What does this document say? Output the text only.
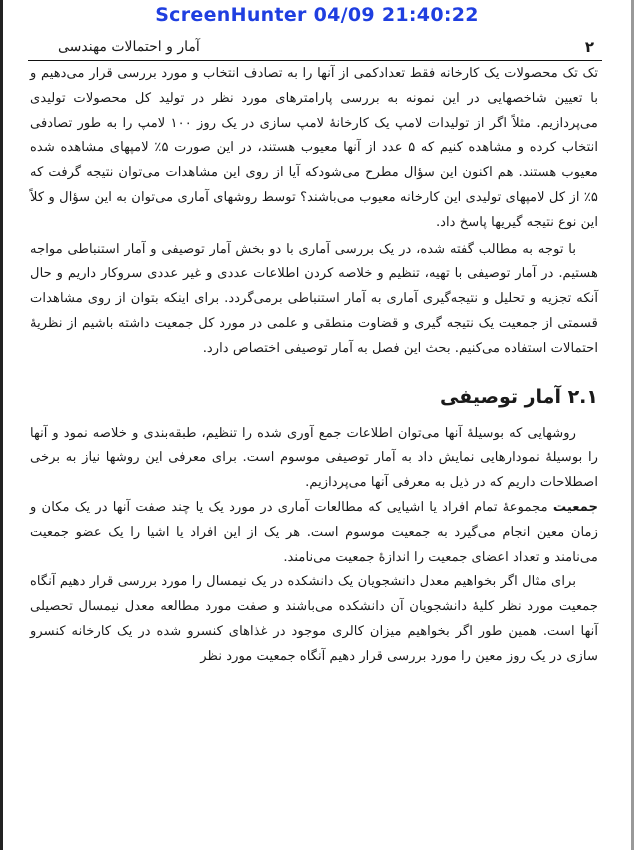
ScreenHunter 04/09 21:40:22
۲
آمار و احتمالات مهندسی

تک تک محصولات یک کارخانه فقط تعدادکمی از آنها را به تصادف انتخاب و مورد بررسی قرار می‌دهیم و با تعیین شاخصهایی در این نمونه به بررسی پارامترهای مورد نظر در تولید کل محصولات تولیدی می‌پردازیم. مثلاً اگر از تولیدات لامپ یک کارخانهٔ لامپ سازی در یک روز ۱۰۰ لامپ را به طور تصادفی انتخاب کرده و مشاهده کنیم که ۵ عدد از آنها معیوب هستند، در این صورت ۵٪ لامپهای مشاهده شده معیوب هستند. هم اکنون این سؤال مطرح می‌شودکه آیا از روی این مشاهدات می‌توان نتیجه گرفت که ۵٪ از کل لامپهای تولیدی این کارخانه معیوب می‌باشند؟ توسط روشهای آماری می‌توان به این سؤال و کلاً این نوع نتیجه گیریها پاسخ داد.

با توجه به مطالب گفته شده، در یک بررسی آماری با دو بخش آمار توصیفی و آمار استنباطی مواجه هستیم. در آمار توصیفی با تهیه، تنظیم و خلاصه کردن اطلاعات عددی و غیر عددی سروکار داریم و حال آنکه تجزیه و تحلیل و نتیجه‌گیری آماری به آمار استنباطی برمی‌گردد. برای اینکه بتوان از روی مشاهدات قسمتی از جمعیت یک نتیجه گیری و قضاوت منطقی و علمی در مورد کل جمعیت داشته باشیم از نظریهٔ احتمالات استفاده می‌کنیم. بحث این فصل به آمار توصیفی اختصاص دارد.

۲.۱ آمار توصیفی

روشهایی که بوسیلهٔ آنها می‌توان اطلاعات جمع آوری شده را تنظیم، طبقه‌بندی و خلاصه نمود و آنها را بوسیلهٔ نمودارهایی نمایش داد به آمار توصیفی موسوم است. برای معرفی این روشها نیاز به برخی اصطلاحات داریم که در ذیل به معرفی آنها می‌پردازیم.

جمعیت مجموعهٔ تمام افراد یا اشیایی که مطالعات آماری در مورد یک یا چند صفت آنها در یک مکان و زمان معین انجام می‌گیرد به جمعیت موسوم است. هر یک از این افراد یا اشیا را یک عضو جمعیت می‌نامند و تعداد اعضای جمعیت را اندازهٔ جمعیت می‌نامند.

برای مثال اگر بخواهیم معدل دانشجویان یک دانشکده در یک نیمسال را مورد بررسی قرار دهیم آنگاه جمعیت مورد نظر کلیهٔ دانشجویان آن دانشکده می‌باشند و صفت مورد مطالعه معدل نیمسال تحصیلی آنها است. همین طور اگر بخواهیم میزان کالری موجود در غذاهای کنسرو شده در یک کارخانه کنسرو سازی در یک روز معین را مورد بررسی قرار دهیم آنگاه جمعیت مورد نظر
